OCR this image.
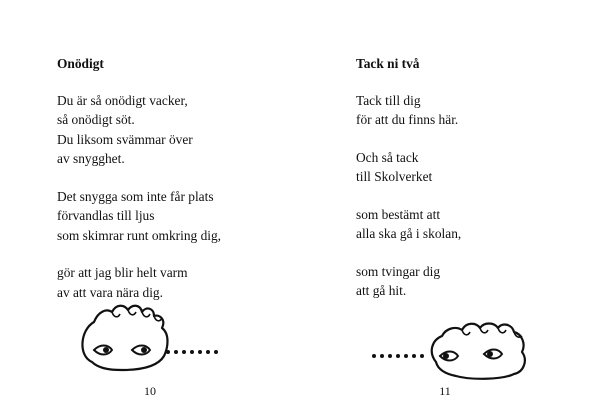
Onödigt
Du är så onödigt vacker,
så onödigt söt.
Du liksom svämmar över
av snygghet.
Det snygga som inte får plats
förvandlas till ljus
som skimrar runt omkring dig,
gör att jag blir helt varm
av att vara nära dig.
10
Tack ni två
Tack till dig
för att du finns här.
Och så tack
till Skolverket
som bestämt att
alla ska gå i skolan,
som tvingar dig
att gå hit.
11
